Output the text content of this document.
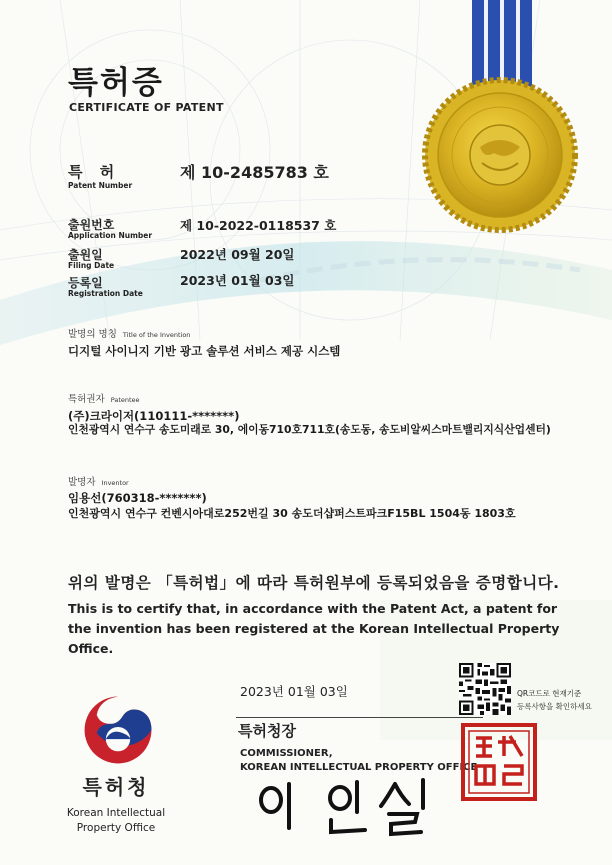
특허증
CERTIFICATE OF PATENT
특 허
Patent Number
제 10-2485783 호
출원번호
Application Number
제 10-2022-0118537 호
출원일
Filing Date
2022년 09월 20일
등록일
Registration Date
2023년 01월 03일
발명의 명칭 Title of the Invention
디지털 사이니지 기반 광고 솔루션 서비스 제공 시스템
특허권자 Patentee
(주)크라이저(110111-*******)
인천광역시 연수구 송도미래로 30, 에이동710호711호(송도동, 송도비알씨스마트밸리지식산업센터)
발명자 Inventor
임용선(760318-*******)
인천광역시 연수구 컨벤시아대로252번길 30 송도더샵퍼스트파크F15BL 1504동 1803호
위의 발명은 「특허법」에 따라 특허원부에 등록되었음을 증명합니다.
This is to certify that, in accordance with the Patent Act, a patent for the invention has been registered at the Korean Intellectual Property Office.
2023년 01월 03일
특허청장
COMMISSIONER,
KOREAN INTELLECTUAL PROPERTY OFFICE
QR코드로 현재기준
등록사항을 확인하세요
특허청
Korean Intellectual
Property Office
